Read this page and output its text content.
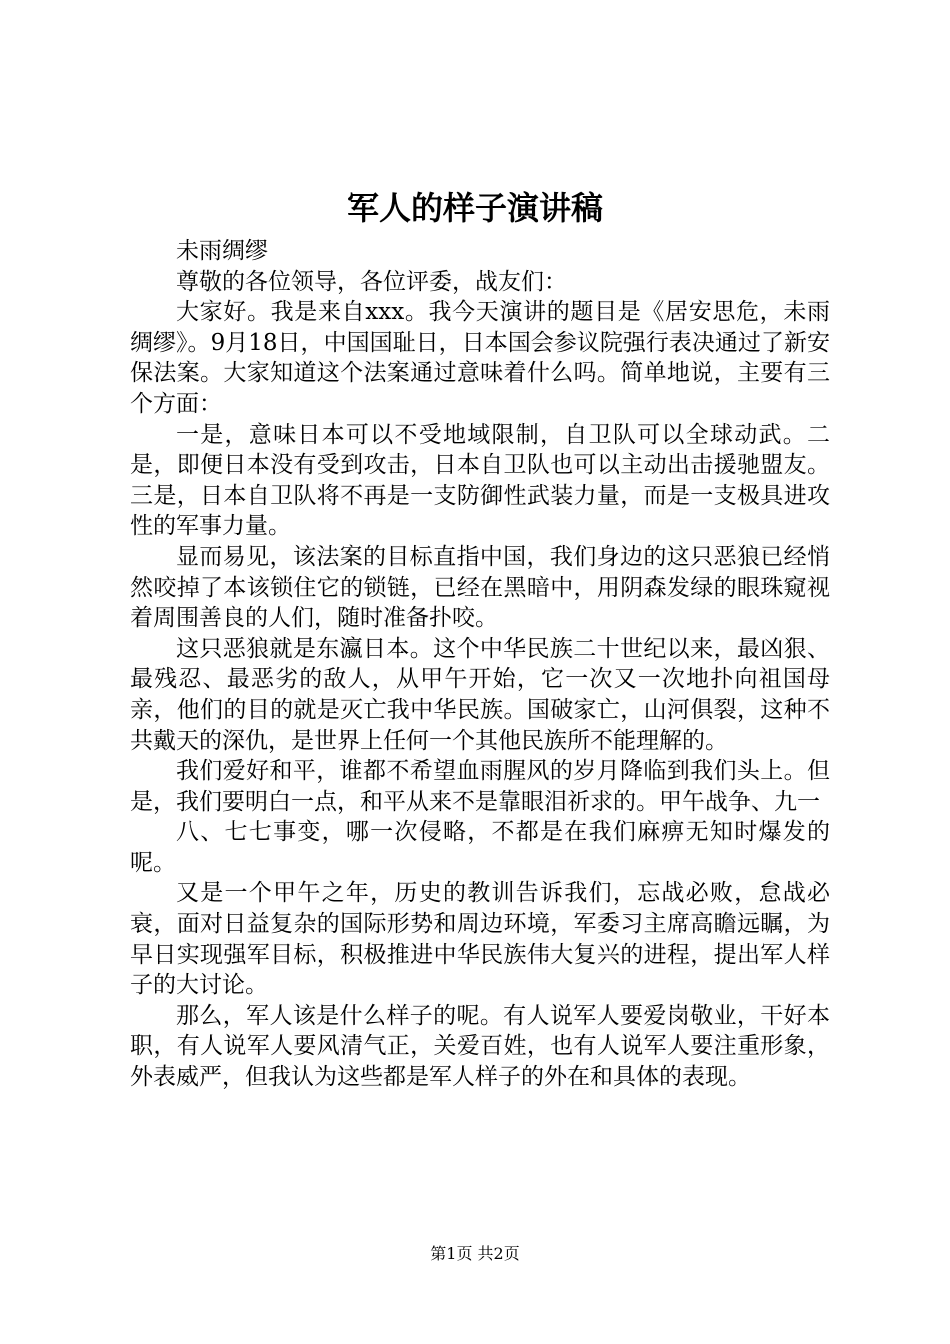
军人的样子演讲稿

未雨绸缪

尊敬的各位领导，各位评委，战友们：

大家好。我是来自xxx。我今天演讲的题目是《居安思危，未雨绸缪》。9月18日，中国国耻日，日本国会参议院强行表决通过了新安保法案。大家知道这个法案通过意味着什么吗。简单地说，主要有三个方面：

一是，意味日本可以不受地域限制，自卫队可以全球动武。二是，即便日本没有受到攻击，日本自卫队也可以主动出击援驰盟友。三是，日本自卫队将不再是一支防御性武装力量，而是一支极具进攻性的军事力量。

显而易见，该法案的目标直指中国，我们身边的这只恶狼已经悄然咬掉了本该锁住它的锁链，已经在黑暗中，用阴森发绿的眼珠窥视着周围善良的人们，随时准备扑咬。

这只恶狼就是东瀛日本。这个中华民族二十世纪以来，最凶狠、最残忍、最恶劣的敌人，从甲午开始，它一次又一次地扑向祖国母亲，他们的目的就是灭亡我中华民族。国破家亡，山河俱裂，这种不共戴天的深仇，是世界上任何一个其他民族所不能理解的。

我们爱好和平，谁都不希望血雨腥风的岁月降临到我们头上。但是，我们要明白一点，和平从来不是靠眼泪祈求的。甲午战争、九一

八、七七事变，哪一次侵略，不都是在我们麻痹无知时爆发的呢。

又是一个甲午之年，历史的教训告诉我们，忘战必败，怠战必衰，面对日益复杂的国际形势和周边环境，军委习主席高瞻远瞩，为早日实现强军目标，积极推进中华民族伟大复兴的进程，提出军人样子的大讨论。

那么，军人该是什么样子的呢。有人说军人要爱岗敬业，干好本职，有人说军人要风清气正，关爱百姓，也有人说军人要注重形象，外表威严，但我认为这些都是军人样子的外在和具体的表现。

第1页 共2页
